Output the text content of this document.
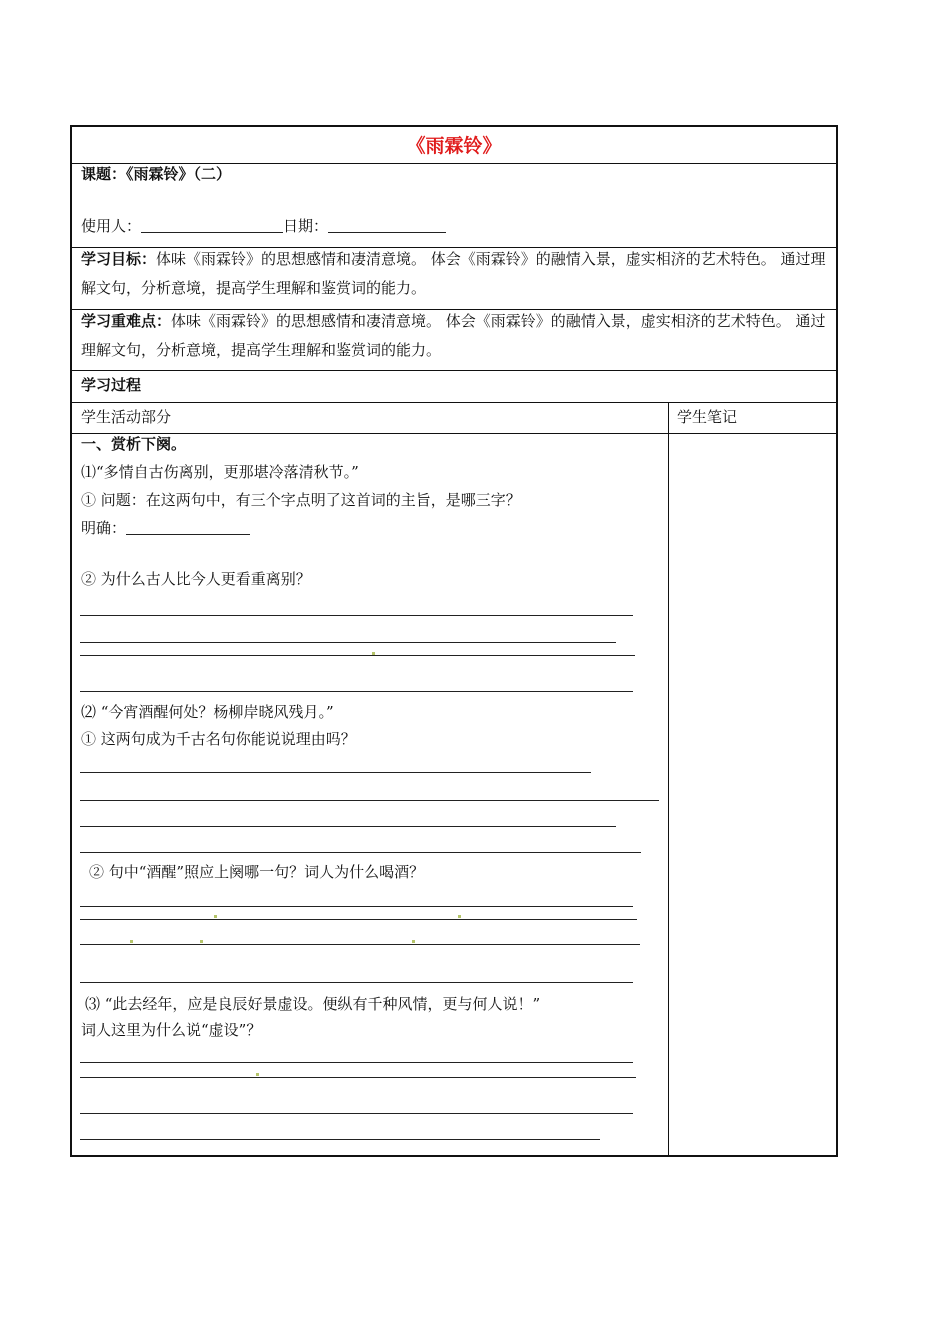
《雨霖铃》
课题：《雨霖铃》（二）
使用人：	日期：
学习目标：体味《雨霖铃》的思想感情和凄清意境。 体会《雨霖铃》的融情入景，虚实相济的艺术特色。 通过理解文句，分析意境，提高学生理解和鉴赏词的能力。
学习重难点：体味《雨霖铃》的思想感情和凄清意境。 体会《雨霖铃》的融情入景，虚实相济的艺术特色。 通过理解文句，分析意境，提高学生理解和鉴赏词的能力。
学习过程
学生活动部分	学生笔记
一、赏析下阕。
⑴“多情自古伤离别，更那堪冷落清秋节。”
① 问题：在这两句中，有三个字点明了这首词的主旨，是哪三字？
明确：
② 为什么古人比今人更看重离别？
⑵ “今宵酒醒何处？杨柳岸晓风残月。”
① 这两句成为千古名句你能说说理由吗？
② 句中“酒醒”照应上阕哪一句？词人为什么喝酒？
⑶ “此去经年，应是良辰好景虚设。便纵有千种风情，更与何人说！”
词人这里为什么说“虚设”？
